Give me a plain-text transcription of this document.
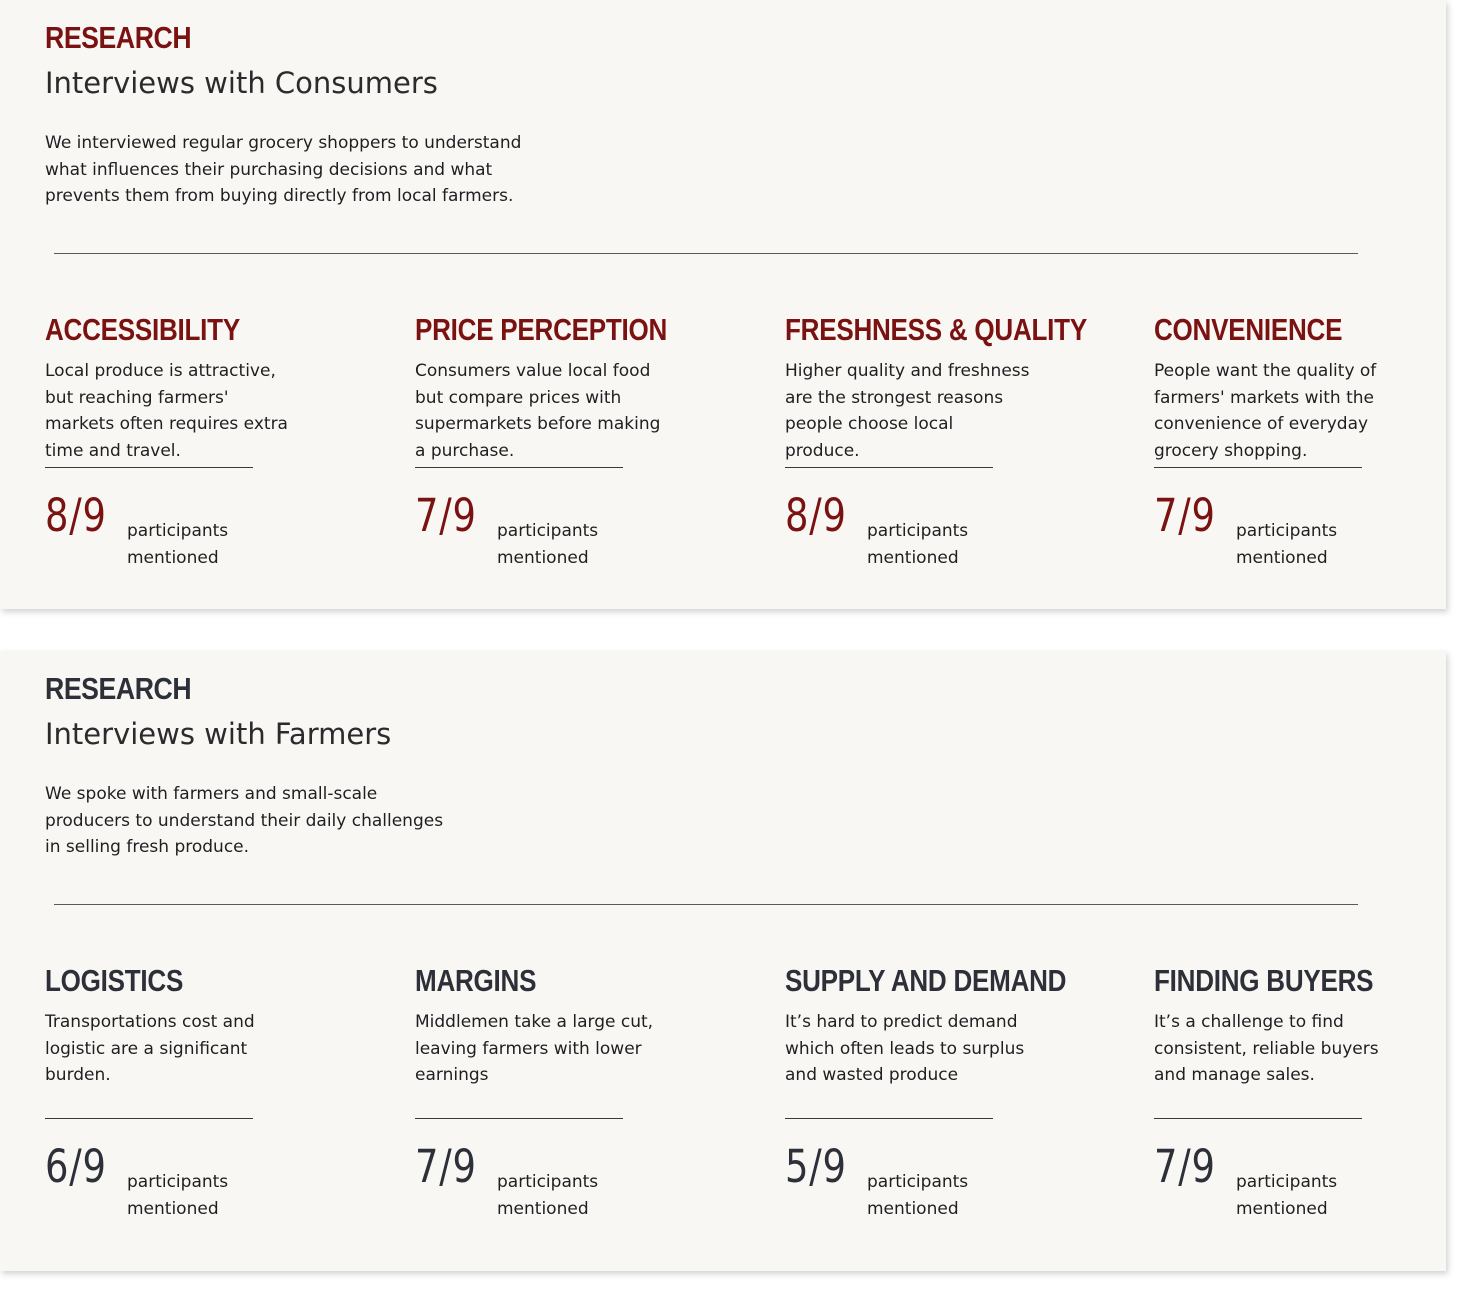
RESEARCH
Interviews with Consumers

We interviewed regular grocery shoppers to understand
what influences their purchasing decisions and what
prevents them from buying directly from local farmers.

ACCESSIBILITY

Local produce is attractive,
but reaching farmers'
markets often requires extra
time and travel.

8/9 participants
mentioned
PRICE PERCEPTION

Consumers value local food
but compare prices with
supermarkets before making
a purchase.

7/9 participants
mentioned
FRESHNESS & QUALITY

Higher quality and freshness
are the strongest reasons
people choose local
produce.

8/9 participants
mentioned
CONVENIENCE

People want the quality of
farmers' markets with the
convenience of everyday
grocery shopping.

7/9 participants
mentioned
RESEARCH
Interviews with Farmers

We spoke with farmers and small-scale
producers to understand their daily challenges
in selling fresh produce.

LOGISTICS

Transportations cost and
logistic are a significant
burden.

6/9 participants
mentioned
MARGINS

Middlemen take a large cut,
leaving farmers with lower
earnings

7/9 participants
mentioned
SUPPLY AND DEMAND

It’s hard to predict demand
which often leads to surplus
and wasted produce

5/9 participants
mentioned
FINDING BUYERS

It’s a challenge to find
consistent, reliable buyers
and manage sales.

7/9 participants
mentioned
